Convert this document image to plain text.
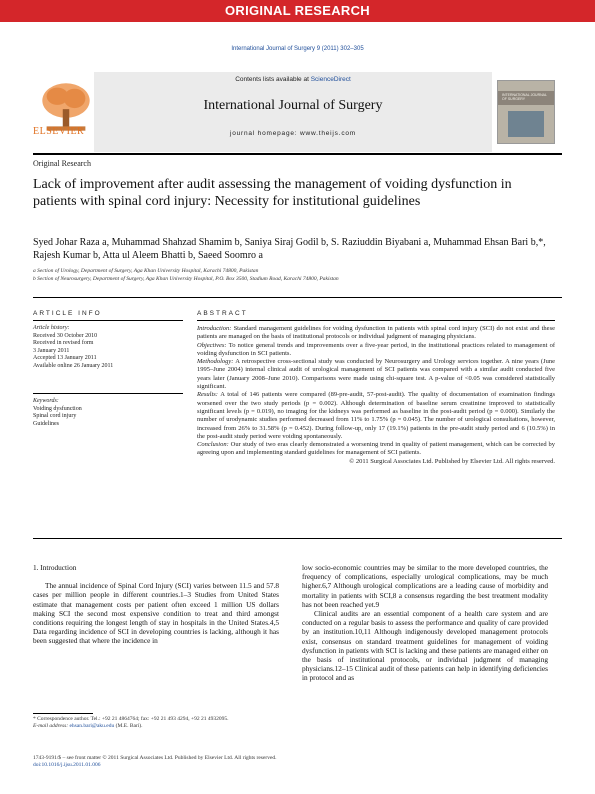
ORIGINAL RESEARCH
International Journal of Surgery 9 (2011) 302–305
ELSEVIER
Contents lists available at ScienceDirect
International Journal of Surgery
journal homepage: www.theijs.com
INTERNATIONAL JOURNAL OF SURGERY
Original Research
Lack of improvement after audit assessing the management of voiding dysfunction in patients with spinal cord injury: Necessity for institutional guidelines
Syed Johar Raza a, Muhammad Shahzad Shamim b, Saniya Siraj Godil b, S. Raziuddin Biyabani a, Muhammad Ehsan Bari b,*, Rajesh Kumar b, Atta ul Aleem Bhatti b, Saeed Soomro a
a Section of Urology, Department of Surgery, Aga Khan University Hospital, Karachi 74800, Pakistan
b Section of Neurosurgery, Department of Surgery, Aga Khan University Hospital, P.O. Box 3500, Stadium Road, Karachi 74800, Pakistan
ARTICLE INFO	ABSTRACT
Article history:
Received 30 October 2010
Received in revised form
3 January 2011
Accepted 13 January 2011
Available online 26 January 2011
Keywords:
Voiding dysfunction
Spinal cord injury
Guidelines

Introduction: Standard management guidelines for voiding dysfunction in patients with spinal cord injury (SCI) do not exist and these patients are managed on the basis of institutional protocols or individual judgment of managing physicians.

Objectives: To notice general trends and improvements over a five-year period, in the institutional practices related to management of voiding dysfunction in SCI patients.

Methodology: A retrospective cross-sectional study was conducted by Neurosurgery and Urology services together. A nine years (June 1995–June 2004) internal clinical audit of urological management of SCI patients was compared with a similar audit conducted five years later (January 2008–June 2010). Comparisons were made using chi-square test. A p-value of <0.05 was considered statistically significant.

Results: A total of 146 patients were compared (89-pre-audit, 57-post-audit). The quality of documentation of examination findings worsened over the two study periods (p = 0.002). Although determination of baseline serum creatinine improved to statistically significant levels (p = 0.019), no imaging for the kidneys was performed as baseline in the post-audit period (p = 0.000). Similarly the number of urodynamic studies performed decreased from 11% to 1.75% (p = 0.045). The number of urological consultations, however, increased from 26% to 31.58% (p = 0.452). During follow-up, only 17 (19.1%) patients in the pre-audit study period and 6 (10.5%) in the post-audit study period were voiding spontaneously.

Conclusion: Our study of two eras clearly demonstrated a worsening trend in quality of patient management, which can be corrected by agreeing upon and implementing standard guidelines for management of SCI patients.

© 2011 Surgical Associates Ltd. Published by Elsevier Ltd. All rights reserved.

1. Introduction

The annual incidence of Spinal Cord Injury (SCI) varies between 11.5 and 57.8 cases per million people in different countries.1–3 Studies from United States estimate that management costs per patient often exceed 1 million US dollars making SCI the second most expensive condition to treat and third amongst conditions requiring the longest length of stay in hospitals in the United States.4,5 Data regarding incidence of SCI in developing countries is lacking, although it has been suggested that where the incidence in

low socio-economic countries may be similar to the more developed countries, the frequency of complications, especially urological complications, may be much higher.6,7 Although urological complications are a leading cause of morbidity and mortality in patients with SCI,8 a consensus regarding the best treatment modality has not been reached yet.9

Clinical audits are an essential component of a health care system and are conducted on a regular basis to assess the performance and quality of care provided by an institution.10,11 Although indigenously developed management protocols exist, consensus on standard treatment guidelines for management of voiding dysfunction in patients with SCI is lacking and these patients are managed either on the basis of institutional protocols, or individual judgment of managing physicians.12–15 Clinical audit of these patients can help in identifying deficiencies in protocol and as

* Correspondence author. Tel.: +92 21 4864764; fax: +92 21 493 4294, +92 21 4932095.
E-mail address: ehsan.bari@aku.edu (M.E. Bari).
1743-9191/$ – see front matter © 2011 Surgical Associates Ltd. Published by Elsevier Ltd. All rights reserved.
doi:10.1016/j.ijsu.2011.01.006
